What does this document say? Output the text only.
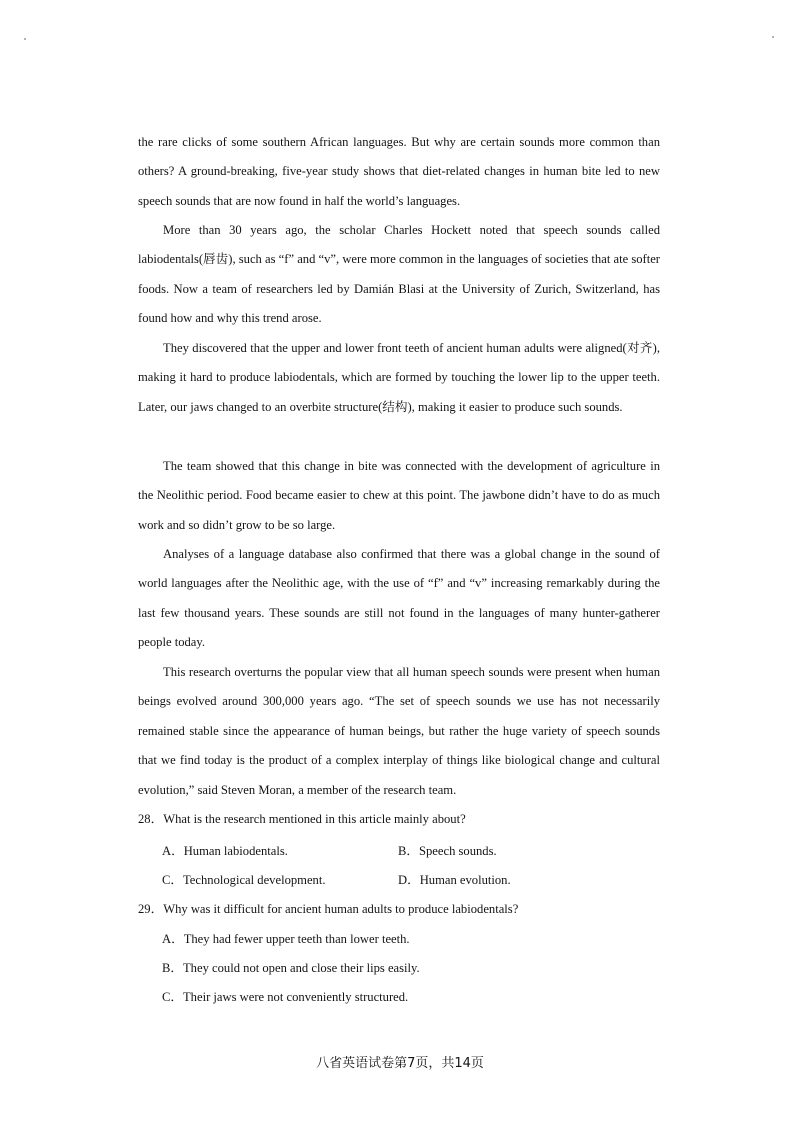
the rare clicks of some southern African languages. But why are certain sounds more common than others? A ground-breaking, five-year study shows that diet-related changes in human bite led to new speech sounds that are now found in half the world’s languages.

More than 30 years ago, the scholar Charles Hockett noted that speech sounds called labiodentals(唇齿), such as “f” and “v”, were more common in the languages of societies that ate softer foods. Now a team of researchers led by Damián Blasi at the University of Zurich, Switzerland, has found how and why this trend arose.

They discovered that the upper and lower front teeth of ancient human adults were aligned(对齐), making it hard to produce labiodentals, which are formed by touching the lower lip to the upper teeth. Later, our jaws changed to an overbite structure(结构), making it easier to produce such sounds.

The team showed that this change in bite was connected with the development of agriculture in the Neolithic period. Food became easier to chew at this point. The jawbone didn’t have to do as much work and so didn’t grow to be so large.

Analyses of a language database also confirmed that there was a global change in the sound of world languages after the Neolithic age, with the use of “f” and “v” increasing remarkably during the last few thousand years. These sounds are still not found in the languages of many hunter-gatherer people today.

This research overturns the popular view that all human speech sounds were present when human beings evolved around 300,000 years ago. “The set of speech sounds we use has not necessarily remained stable since the appearance of human beings, but rather the huge variety of speech sounds that we find today is the product of a complex interplay of things like biological change and cultural evolution,” said Steven Moran, a member of the research team.

28．What is the research mentioned in this article mainly about?

A．Human labiodentals.	B．Speech sounds.

C．Technological development.	D．Human evolution.

29．Why was it difficult for ancient human adults to produce labiodentals?

A．They had fewer upper teeth than lower teeth.

B．They could not open and close their lips easily.

C．Their jaws were not conveniently structured.

八省英语试卷第7页，共14页
